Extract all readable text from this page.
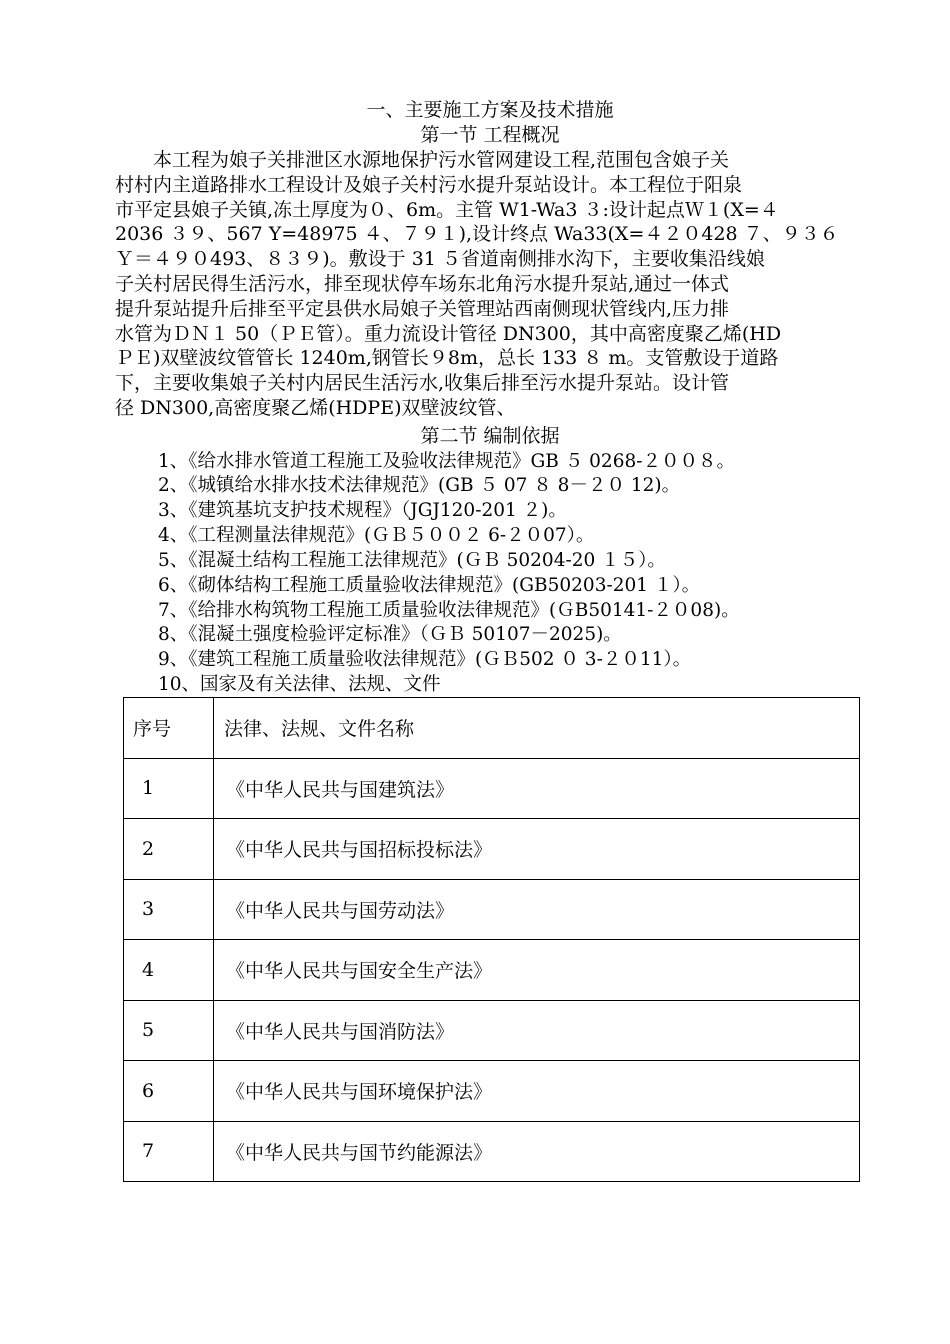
一、主要施工方案及技术措施
第一节 工程概况
　　本工程为娘子关排泄区水源地保护污水管网建设工程,范围包含娘子关
村村内主道路排水工程设计及娘子关村污水提升泵站设计。本工程位于阳泉
市平定县娘子关镇,冻土厚度为０、6m。主管 W1-Wa3 ３:设计起点Ｗ１(X=４
2036 ３９、567 Y=48975 ４、７９１),设计终点 Wa33(X=４２０428 ７、９３６
Ｙ＝４９０493、８３９)。敷设于 31 ５省道南侧排水沟下，主要收集沿线娘
子关村居民得生活污水，排至现状停车场东北角污水提升泵站,通过一体式
提升泵站提升后排至平定县供水局娘子关管理站西南侧现状管线内,压力排
水管为ＤＮ１ 50（ＰＥ管）。重力流设计管径 DN300，其中高密度聚乙烯(HD
ＰＥ)双壁波纹管管长 1240m,钢管长９8m，总长 133 ８ m。支管敷设于道路
下，主要收集娘子关村内居民生活污水,收集后排至污水提升泵站。设计管
径 DN300,高密度聚乙烯(HDPE)双壁波纹管、
第二节 编制依据
1、《给水排水管道工程施工及验收法律规范》GB ５ 0268-２００８。
2、《城镇给水排水技术法律规范》(GB ５ 07 ８ 8－２０ 12)。
3、《建筑基坑支护技术规程》（JGJ120-201 ２)。
4、《工程测量法律规范》(ＧＢ５００２ 6-２０07）。
5、《混凝土结构工程施工法律规范》(ＧＢ 50204-20 １５）。
6、《砌体结构工程施工质量验收法律规范》(GB50203-201 １）。
7、《给排水构筑物工程施工质量验收法律规范》(ＧB50141-２０08)。
8、《混凝土强度检验评定标准》（ＧＢ 50107－2025)。
9、《建筑工程施工质量验收法律规范》(ＧＢ502 ０ 3-２０11）。
10、国家及有关法律、法规、文件
序号	法律、法规、文件名称
1	《中华人民共与国建筑法》
2	《中华人民共与国招标投标法》
3	《中华人民共与国劳动法》
4	《中华人民共与国安全生产法》
5	《中华人民共与国消防法》
6	《中华人民共与国环境保护法》
7	《中华人民共与国节约能源法》
